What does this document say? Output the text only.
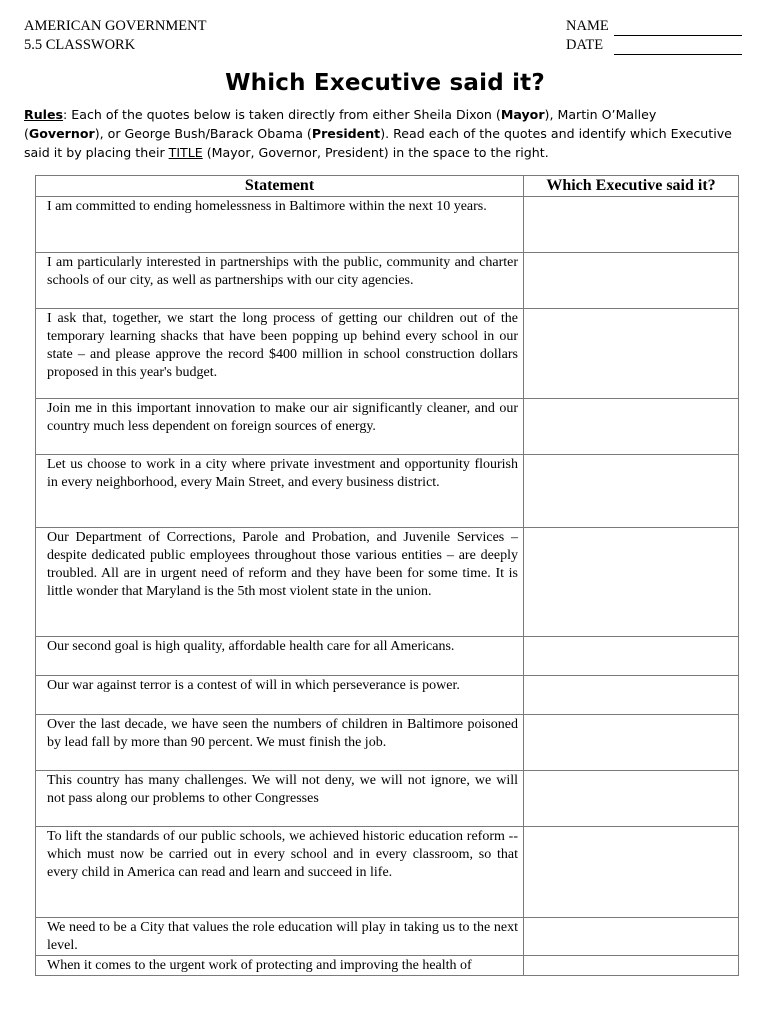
AMERICAN GOVERNMENT
5.5 CLASSWORK
NAME
DATE
Which Executive said it?
Rules: Each of the quotes below is taken directly from either Sheila Dixon (Mayor), Martin O’Malley (Governor), or George Bush/Barack Obama (President). Read each of the quotes and identify which Executive said it by placing their TITLE (Mayor, Governor, President) in the space to the right.
Statement	Which Executive said it?
I am committed to ending homelessness in Baltimore within the next 10 years.	
I am particularly interested in partnerships with the public, community and charter schools of our city, as well as partnerships with our city agencies.	
I ask that, together, we start the long process of getting our children out of the temporary learning shacks that have been popping up behind every school in our state – and please approve the record $400 million in school construction dollars proposed in this year's budget.	
Join me in this important innovation to make our air significantly cleaner, and our country much less dependent on foreign sources of energy.	
Let us choose to work in a city where private investment and opportunity flourish in every neighborhood, every Main Street, and every business district.	
Our Department of Corrections, Parole and Probation, and Juvenile Services – despite dedicated public employees throughout those various entities – are deeply troubled. All are in urgent need of reform and they have been for some time. It is little wonder that Maryland is the 5th most violent state in the union.	
Our second goal is high quality, affordable health care for all Americans.	
Our war against terror is a contest of will in which perseverance is power.	
Over the last decade, we have seen the numbers of children in Baltimore poisoned by lead fall by more than 90 percent. We must finish the job.	
This country has many challenges. We will not deny, we will not ignore, we will not pass along our problems to other Congresses	
To lift the standards of our public schools, we achieved historic education reform -- which must now be carried out in every school and in every classroom, so that every child in America can read and learn and succeed in life.	
We need to be a City that values the role education will play in taking us to the next level.	
When it comes to the urgent work of protecting and improving the health of	
